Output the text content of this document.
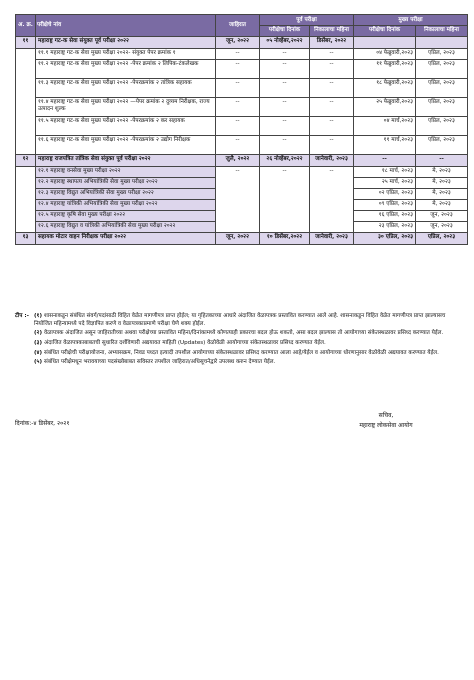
अ. क्र.	परीक्षेचे नांव	जाहिरात	पूर्व परीक्षा		मुख्य परीक्षा	
			परीक्षेचा दिनांक	निकालाचा महिना	परीक्षेचा दिनांक	निकालाचा महिना
११	महाराष्ट्र गट-क सेवा संयुक्त पूर्व परीक्षा २०२२	जून, २०२२	०५ नोव्हेंबर,२०२२	डिसेंबर, २०२२		
	११.१ महाराष्ट्र गट-क सेवा मुख्य परीक्षा २०२२- संयुक्त पेपर क्रमांक १	--	--	--	०४ फेब्रुवारी,२०२३	एप्रिल, २०२३
	११.२ महाराष्ट्र गट-क सेवा मुख्य परीक्षा २०२२ -पेपर क्रमांक २ लिपिक-टंकलेखक	--	--	--	११ फेब्रुवारी,२०२३	एप्रिल, २०२३
	११.३ महाराष्ट्र गट-क सेवा मुख्य परीक्षा २०२२ -पेपरक्रमांक २ तांत्रिक सहायक	--	--	--	१८ फेब्रुवारी,२०२३	एप्रिल, २०२३
	११.४ महाराष्ट्र गट-क सेवा मुख्य परीक्षा २०२२ —पेपर क्रमांक २ दुय्यम निरीक्षक, राज्य उत्पादन शुल्क	--	--	--	२५ फेब्रुवारी,२०२३	एप्रिल, २०२३
	११.५ महाराष्ट्र गट-क सेवा मुख्य परीक्षा २०२२ -पेपरक्रमांक २ कर सहायक	--	--	--	०४ मार्च,२०२३	एप्रिल, २०२३
	११.६ महाराष्ट्र गट-क सेवा मुख्य परीक्षा २०२२ -पेपरक्रमांक २ उद्योग निरीक्षक	--	--	--	११ मार्च,२०२३	एप्रिल, २०२३
१२	महाराष्ट्र राजपत्रित तांत्रिक सेवा संयुक्त पूर्व परीक्षा २०२२	जुलै, २०२२	२६ नोव्हेंबर,२०२२	जानेवारी, २०२३	--	--
	१२.१ महाराष्ट्र वनसेवा मुख्य परीक्षा २०२२	--	--	--	१८ मार्च, २०२३	मे, २०२३
	१२.२ महाराष्ट्र स्थापत्य अभियांत्रिकी सेवा मुख्य परीक्षा २०२२				२५ मार्च, २०२३	मे, २०२३
	१२.३ महाराष्ट्र विद्युत अभियांत्रिकी सेवा मुख्य परीक्षा २०२२				०२ एप्रिल, २०२३	मे, २०२३
	१२.४ महाराष्ट्र यांत्रिकी अभियांत्रिकी सेवा मुख्य परीक्षा २०२२				०९ एप्रिल, २०२३	मे, २०२३
	१२.५ महाराष्ट्र कृषि सेवा मुख्य परीक्षा २०२२				१६ एप्रिल, २०२३	जून, २०२३
	१२.६ महाराष्ट्र विद्युत व यांत्रिकी अभियांत्रिकी सेवा मुख्य परीक्षा २०२२				२३ एप्रिल, २०२३	जून, २०२३
१३	सहायक मोटार वाहन निरीक्षक परीक्षा २०२२	जून, २०२२	१० डिसेंबर,२०२२	जानेवारी, २०२३	३० एप्रिल, २०२३	एप्रिल, २०२३
टीप :- (१) शासनाकडून संबंधित संवर्ग/पदांसाठी विहित वेळेत मागणीपत्र प्राप्त होईल; या गृहितकाच्या आधारे अंदाजित वेळापत्रक प्रस्तावित करण्यात आले आहे. शासनाकडून विहित वेळेत मागणीपत्र प्राप्त झाल्यासच नियोजित महिन्यामध्ये पदे विज्ञापित करणे व वेळापत्रकाप्रमाणे परीक्षा घेणे शक्य होईल.
(२) वेळापत्रक अंदाजित असून जाहिरातीच्या अथवा परीक्षेच्या प्रस्तावित महिना/दिनांकामध्ये कोणत्याही प्रकारचा बदल होऊ शकतो, असा बदल झाल्यास तो आयोगाच्या संकेतस्थळावर प्रसिध्द करण्यात येईल.
(३) अंदाजित वेळापत्रकाबाबतची सुधारित दर्शविणारी अद्ययावत माहिती (Updates) वेळोवेळी आयोगाच्या संकेतस्थळावर प्रसिध्द करण्यात येईल.
(४) संबंधित परीक्षेची परीक्षायोजना, अभ्यासक्रम, निवड पध्दत इत्यादी तपशील आयोगाच्या संकेतस्थळावर प्रसिध्द करण्यात आला आहे/येईल व आयोगाच्या धोरणानुसार वेळोवेळी अद्ययावत करण्यात येईल.
(५) संबंधित परीक्षेमधून भरावयाच्या पदसंख्येबाबत सविस्तर तपशील जाहिरात/अधिसूचनेद्वारे उपलब्ध करुन देण्यात येईल.
दिनांक:-४ डिसेंबर, २०२१
सचिव,
महाराष्ट्र लोकसेवा आयोग
